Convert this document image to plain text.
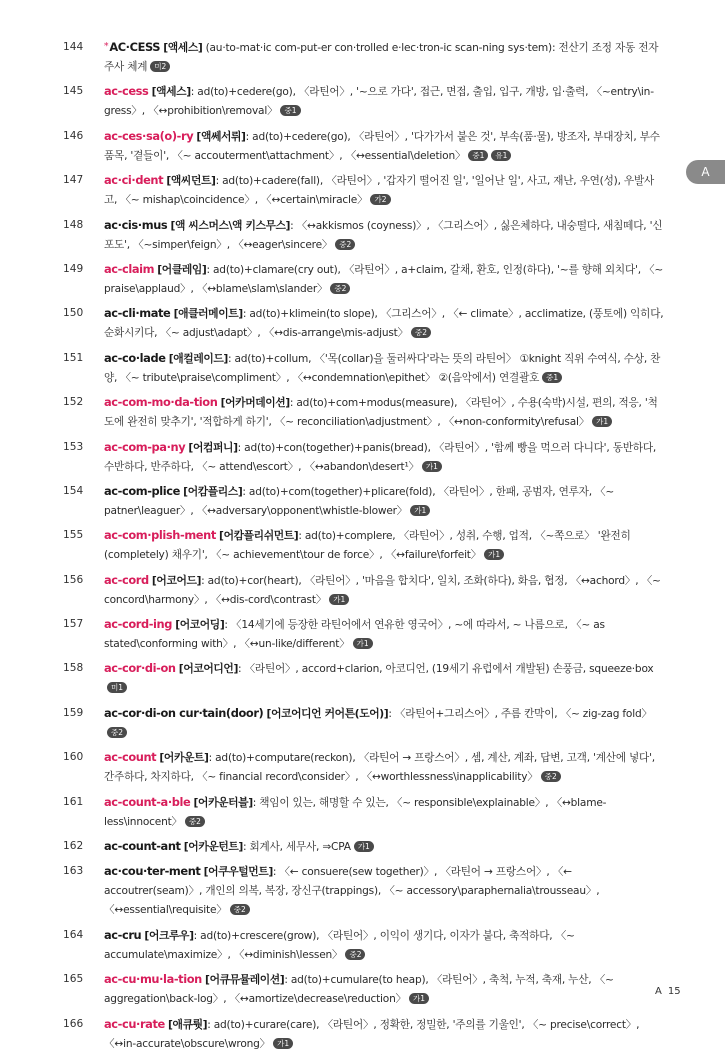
144	*AC·CESS [액세스] (au·to-mat·ic com-put-er con·trolled e·lec·tron-ic scan-ning sys·tem): 전산기 조정 자동 전자 주사 체계 미2
145	ac-cess [액세스]: ad(to)+cedere(go), 〈라틴어〉, '~으로 가다', 접근, 면접, 출입, 입구, 개방, 입·출력, 〈~entry\in-gress〉, 〈↔prohibition\removal〉 중1
146	ac-ces·sa(o)-ry [액쎄서뤼]: ad(to)+cedere(go), 〈라틴어〉, '다가가서 붙은 것', 부속(품·물), 방조자, 부대장치, 부수품목, '곁들이', 〈~ accouterment\attachment〉, 〈↔essential\deletion〉 중1 유1
147	ac·ci·dent [액씨던트]: ad(to)+cadere(fall), 〈라틴어〉, '갑자기 떨어진 일', '일어난 일', 사고, 재난, 우연(성), 우발사고, 〈~ mishap\coincidence〉, 〈↔certain\miracle〉 가2
148	ac·cis·mus [액 씨스머스\액 키스무스]: 〈↔akkismos (coyness)〉, 〈그리스어〉, 싫은체하다, 내숭떨다, 새침떼다, '신포도', 〈~simper\feign〉, 〈↔eager\sincere〉 중2
149	ac-claim [어클레임]: ad(to)+clamare(cry out), 〈라틴어〉, a+claim, 갈채, 환호, 인정(하다), '~를 향해 외치다', 〈~ praise\applaud〉, 〈↔blame\slam\slander〉 중2
150	ac-cli·mate [애클러메이트]: ad(to)+klimein(to slope), 〈그리스어〉, 〈← climate〉, acclimatize, (풍토에) 익히다, 순화시키다, 〈~ adjust\adapt〉, 〈↔dis-arrange\mis-adjust〉 중2
151	ac-co·lade [애컬레이드]: ad(to)+collum, 〈'목(collar)을 둘러싸다'라는 뜻의 라틴어〉 ①knight 직위 수여식, 수상, 찬양, 〈~ tribute\praise\compliment〉, 〈↔condemnation\epithet〉 ②(음악에서) 연결괄호 중1
152	ac-com-mo·da-tion [어카머데이션]: ad(to)+com+modus(measure), 〈라틴어〉, 수용(숙박)시설, 편의, 적응, '척도에 완전히 맞추기', '적합하게 하기', 〈~ reconciliation\adjustment〉, 〈↔non-conformity\refusal〉 가1
153	ac-com-pa·ny [어컴퍼니]: ad(to)+con(together)+panis(bread), 〈라틴어〉, '함께 빵을 먹으러 다니다', 동반하다, 수반하다, 반주하다, 〈~ attend\escort〉, 〈↔abandon\desert¹〉 가1
154	ac-com-plice [어캄플리스]: ad(to)+com(together)+plicare(fold), 〈라틴어〉, 한패, 공범자, 연루자, 〈~ patner\leaguer〉, 〈↔adversary\opponent\whistle-blower〉 가1
155	ac-com·plish-ment [어캄플리쉬먼트]: ad(to)+complere, 〈라틴어〉, 성취, 수행, 업적, 〈~쪽으로〉 '완전히(completely) 채우기', 〈~ achievement\tour de force〉, 〈↔failure\forfeit〉 가1
156	ac-cord [어코어드]: ad(to)+cor(heart), 〈라틴어〉, '마음을 합치다', 일치, 조화(하다), 화음, 협정, 〈↔achord〉, 〈~ concord\harmony〉, 〈↔dis-cord\contrast〉 가1
157	ac-cord-ing [어코어딩]: 〈14세기에 등장한 라틴어에서 연유한 영국어〉, ~에 따라서, ~ 나름으로, 〈~ as stated\conforming with〉, 〈↔un-like/different〉 가1
158	ac-cor·di-on [어코어디언]: 〈라틴어〉, accord+clarion, 아코디언, (19세기 유럽에서 개발된) 손풍금, squeeze·box미1
159	ac-cor·di-on cur·tain(door) [어코어디언 커어튼(도어)]: 〈라틴어+그리스어〉, 주름 칸막이, 〈~ zig-zag fold〉중2
160	ac-count [어카운트]: ad(to)+computare(reckon), 〈라틴어 → 프랑스어〉, 셈, 계산, 계좌, 답변, 고객, '계산에 넣다', 간주하다, 차지하다, 〈~ financial record\consider〉, 〈↔worthlessness\inapplicability〉 중2
161	ac-count-a·ble [어카운터블]: 책임이 있는, 해명할 수 있는, 〈~ responsible\explainable〉, 〈↔blame-less\innocent〉 중2
162	ac-count-ant [어카운턴트]: 회계사, 세무사, ⇒CPA 가1
163	ac·cou·ter-ment [어쿠우털먼트]: 〈← consuere(sew together)〉, 〈라틴어 → 프랑스어〉, 〈← accoutrer(seam)〉, 개인의 의복, 복장, 장신구(trappings), 〈~ accessory\paraphernalia\trousseau〉, 〈↔essential\requisite〉 중2
164	ac-cru [어크루우]: ad(to)+crescere(grow), 〈라틴어〉, 이익이 생기다, 이자가 붙다, 축적하다, 〈~ accumulate\maximize〉, 〈↔diminish\lessen〉 중2
165	ac-cu·mu·la-tion [어큐뮤뮬레이션]: ad(to)+cumulare(to heap), 〈라틴어〉, 축척, 누적, 축재, 누산, 〈~ aggregation\back-log〉, 〈↔amortize\decrease\reduction〉 가1
166	ac-cu·rate [애큐뤗]: ad(to)+curare(care), 〈라틴어〉, 정확한, 정밀한, '주의를 기울인', 〈~ precise\correct〉, 〈↔in-accurate\obscure\wrong〉 가1
A
A 15
